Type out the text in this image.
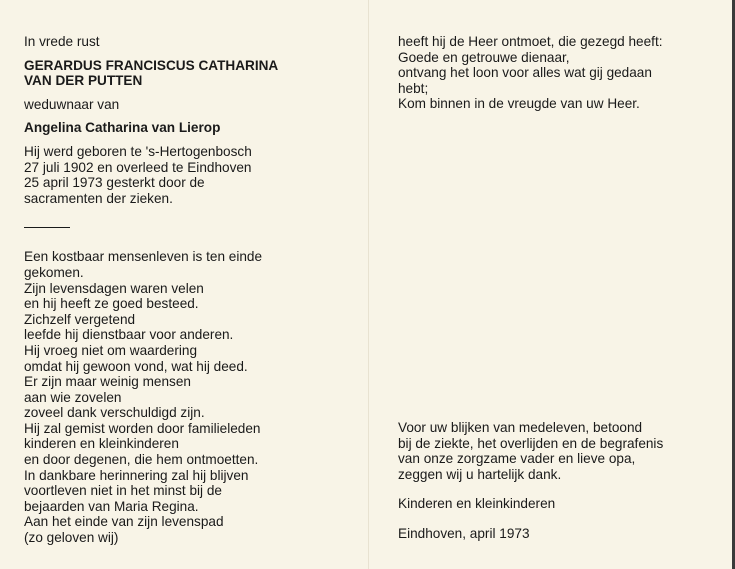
In vrede rust
GERARDUS FRANCISCUS CATHARINA
VAN DER PUTTEN
weduwnaar van
Angelina Catharina van Lierop
Hij werd geboren te 's-Hertogenbosch
27 juli 1902 en overleed te Eindhoven
25 april 1973 gesterkt door de
sacramenten der zieken.
Een kostbaar mensenleven is ten einde
gekomen.
Zijn levensdagen waren velen
en hij heeft ze goed besteed.
Zichzelf vergetend
leefde hij dienstbaar voor anderen.
Hij vroeg niet om waardering
omdat hij gewoon vond, wat hij deed.
Er zijn maar weinig mensen
aan wie zovelen
zoveel dank verschuldigd zijn.
Hij zal gemist worden door familieleden
kinderen en kleinkinderen
en door degenen, die hem ontmoetten.
In dankbare herinnering zal hij blijven
voortleven niet in het minst bij de
bejaarden van Maria Regina.
Aan het einde van zijn levenspad
(zo geloven wij)
heeft hij de Heer ontmoet, die gezegd heeft:
Goede en getrouwe dienaar,
ontvang het loon voor alles wat gij gedaan
hebt;
Kom binnen in de vreugde van uw Heer.
Voor uw blijken van medeleven, betoond
bij de ziekte, het overlijden en de begrafenis
van onze zorgzame vader en lieve opa,
zeggen wij u hartelijk dank.
Kinderen en kleinkinderen
Eindhoven, april 1973
